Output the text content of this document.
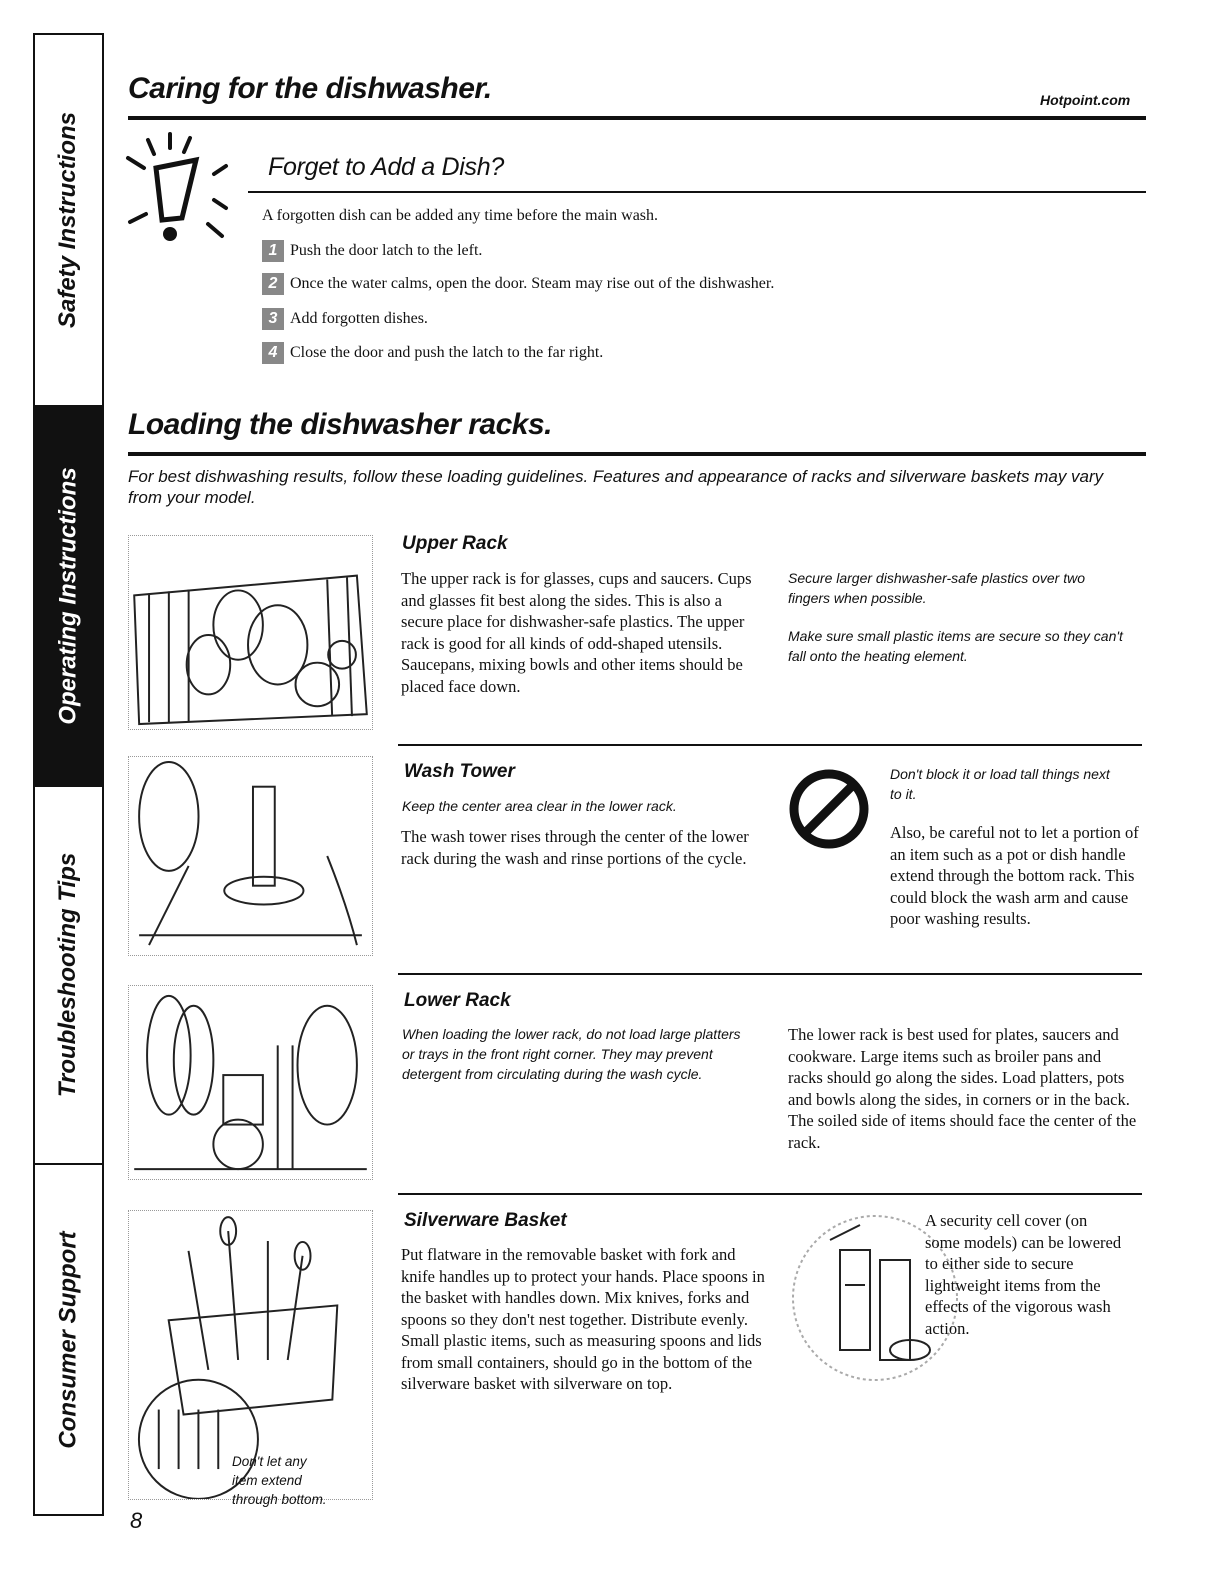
Safety Instructions
Operating Instructions
Troubleshooting Tips
Consumer Support
Caring for the dishwasher.	Hotpoint.com
Forget to Add a Dish?
A forgotten dish can be added any time before the main wash.
1 Push the door latch to the left.
2 Once the water calms, open the door. Steam may rise out of the dishwasher.
3 Add forgotten dishes.
4 Close the door and push the latch to the far right.
Loading the dishwasher racks.
For best dishwashing results, follow these loading guidelines. Features and appearance of racks and silverware baskets may vary from your model.
Upper Rack
The upper rack is for glasses, cups and saucers. Cups and glasses fit best along the sides. This is also a secure place for dishwasher-safe plastics. The upper rack is good for all kinds of odd-shaped utensils. Saucepans, mixing bowls and other items should be placed face down.
Secure larger dishwasher-safe plastics over two fingers when possible.
Make sure small plastic items are secure so they can't fall onto the heating element.
Wash Tower
Keep the center area clear in the lower rack.
The wash tower rises through the center of the lower rack during the wash and rinse portions of the cycle.
Don't block it or load tall things next to it.
Also, be careful not to let a portion of an item such as a pot or dish handle extend through the bottom rack. This could block the wash arm and cause poor washing results.
Lower Rack
When loading the lower rack, do not load large platters or trays in the front right corner. They may prevent detergent from circulating during the wash cycle.
The lower rack is best used for plates, saucers and cookware. Large items such as broiler pans and racks should go along the sides. Load platters, pots and bowls along the sides, in corners or in the back. The soiled side of items should face the center of the rack.
Don't let any item extend through bottom.
Silverware Basket
Put flatware in the removable basket with fork and knife handles up to protect your hands. Place spoons in the basket with handles down. Mix knives, forks and spoons so they don't nest together. Distribute evenly. Small plastic items, such as measuring spoons and lids from small containers, should go in the bottom of the silverware basket with silverware on top.
A security cell cover (on some models) can be lowered to either side to secure lightweight items from the effects of the vigorous wash action.
8
